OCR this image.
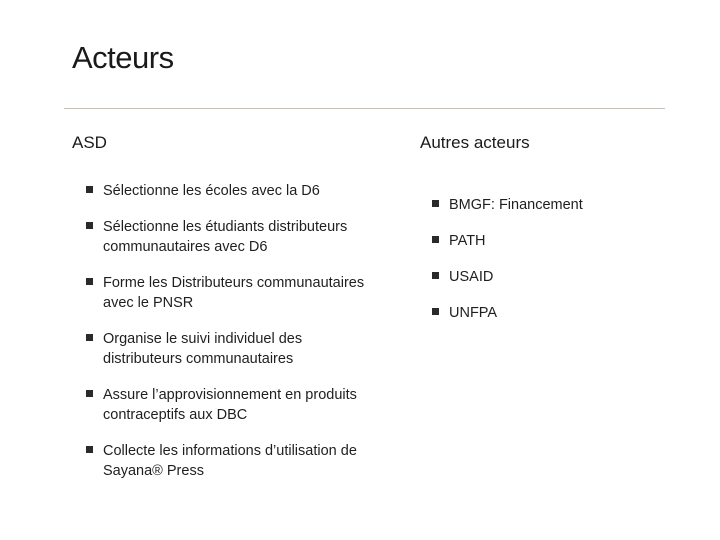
Acteurs
ASD	Autres acteurs
Sélectionne les écoles avec la D6
Sélectionne les étudiants distributeurs communautaires avec D6
Forme les Distributeurs communautaires avec le PNSR
Organise le suivi individuel des distributeurs communautaires
Assure l’approvisionnement en produits contraceptifs aux DBC
Collecte les informations d’utilisation de Sayana® Press
BMGF: Financement
PATH
USAID
UNFPA
